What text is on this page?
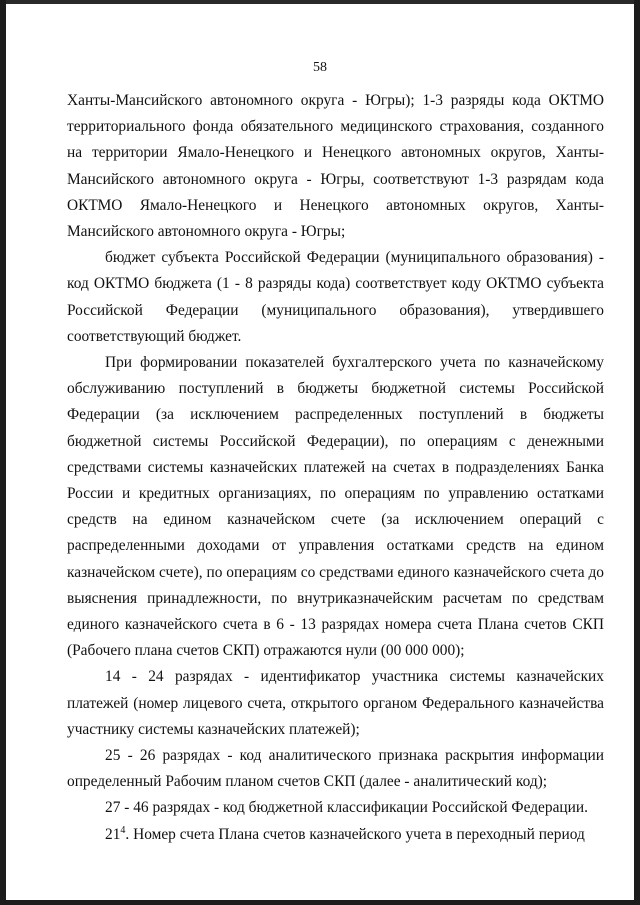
58

Ханты-Мансийского автономного округа - Югры); 1-3 разряды кода ОКТМО территориального фонда обязательного медицинского страхования, созданного на территории Ямало-Ненецкого и Ненецкого автономных округов, Ханты-Мансийского автономного округа - Югры, соответствуют 1-3 разрядам кода ОКТМО Ямало-Ненецкого и Ненецкого автономных округов, Ханты-Мансийского автономного округа - Югры;

бюджет субъекта Российской Федерации (муниципального образования) - код ОКТМО бюджета (1 - 8 разряды кода) соответствует коду ОКТМО субъекта Российской Федерации (муниципального образования), утвердившего соответствующий бюджет.

При формировании показателей бухгалтерского учета по казначейскому обслуживанию поступлений в бюджеты бюджетной системы Российской Федерации (за исключением распределенных поступлений в бюджеты бюджетной системы Российской Федерации), по операциям с денежными средствами системы казначейских платежей на счетах в подразделениях Банка России и кредитных организациях, по операциям по управлению остатками средств на едином казначейском счете (за исключением операций с распределенными доходами от управления остатками средств на едином казначейском счете), по операциям со средствами единого казначейского счета до выяснения принадлежности, по внутриказначейским расчетам по средствам единого казначейского счета в 6 - 13 разрядах номера счета Плана счетов СКП (Рабочего плана счетов СКП) отражаются нули (00 000 000);

14 - 24 разрядах - идентификатор участника системы казначейских платежей (номер лицевого счета, открытого органом Федерального казначейства участнику системы казначейских платежей);

25 - 26 разрядах - код аналитического признака раскрытия информации определенный Рабочим планом счетов СКП (далее - аналитический код);

27 - 46 разрядах - код бюджетной классификации Российской Федерации.

$21^4$. Номер счета Плана счетов казначейского учета в переходный период
